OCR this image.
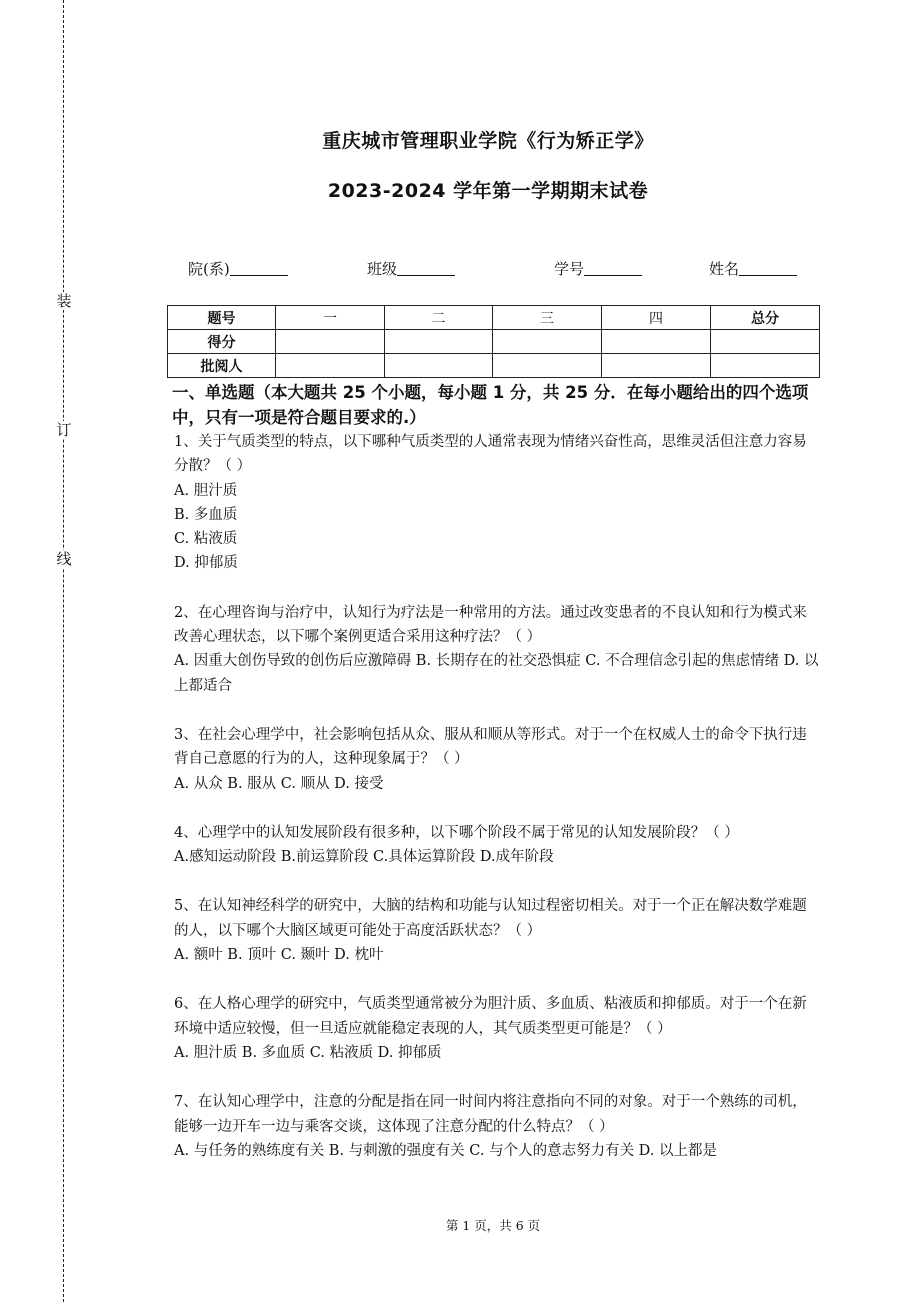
装
订
线
重庆城市管理职业学院《行为矫正学》
2023-2024 学年第一学期期末试卷
院(系)	班级	学号	姓名
题号	一	二	三	四	总分
得分					
批阅人					

一、单选题（本大题共 25 个小题，每小题 1 分，共 25 分．在每小题给出的四个选项中，只有一项是符合题目要求的.）

1、关于气质类型的特点，以下哪种气质类型的人通常表现为情绪兴奋性高，思维灵活但注意力容易分散？（ ）

A. 胆汁质

B. 多血质

C. 粘液质

D. 抑郁质

2、在心理咨询与治疗中，认知行为疗法是一种常用的方法。通过改变患者的不良认知和行为模式来改善心理状态，以下哪个案例更适合采用这种疗法？（ ）

A. 因重大创伤导致的创伤后应激障碍 B. 长期存在的社交恐惧症 C. 不合理信念引起的焦虑情绪 D. 以上都适合

3、在社会心理学中，社会影响包括从众、服从和顺从等形式。对于一个在权威人士的命令下执行违背自己意愿的行为的人，这种现象属于？（ ）

A. 从众 B. 服从 C. 顺从 D. 接受

4、心理学中的认知发展阶段有很多种，以下哪个阶段不属于常见的认知发展阶段？（ ）

A.感知运动阶段 B.前运算阶段 C.具体运算阶段 D.成年阶段

5、在认知神经科学的研究中，大脑的结构和功能与认知过程密切相关。对于一个正在解决数学难题的人，以下哪个大脑区域更可能处于高度活跃状态？（ ）

A. 额叶 B. 顶叶 C. 颞叶 D. 枕叶

6、在人格心理学的研究中，气质类型通常被分为胆汁质、多血质、粘液质和抑郁质。对于一个在新环境中适应较慢，但一旦适应就能稳定表现的人，其气质类型更可能是？（ ）

A. 胆汁质 B. 多血质 C. 粘液质 D. 抑郁质

7、在认知心理学中，注意的分配是指在同一时间内将注意指向不同的对象。对于一个熟练的司机，能够一边开车一边与乘客交谈，这体现了注意分配的什么特点？（ ）

A. 与任务的熟练度有关 B. 与刺激的强度有关 C. 与个人的意志努力有关 D. 以上都是

第 1 页，共 6 页
